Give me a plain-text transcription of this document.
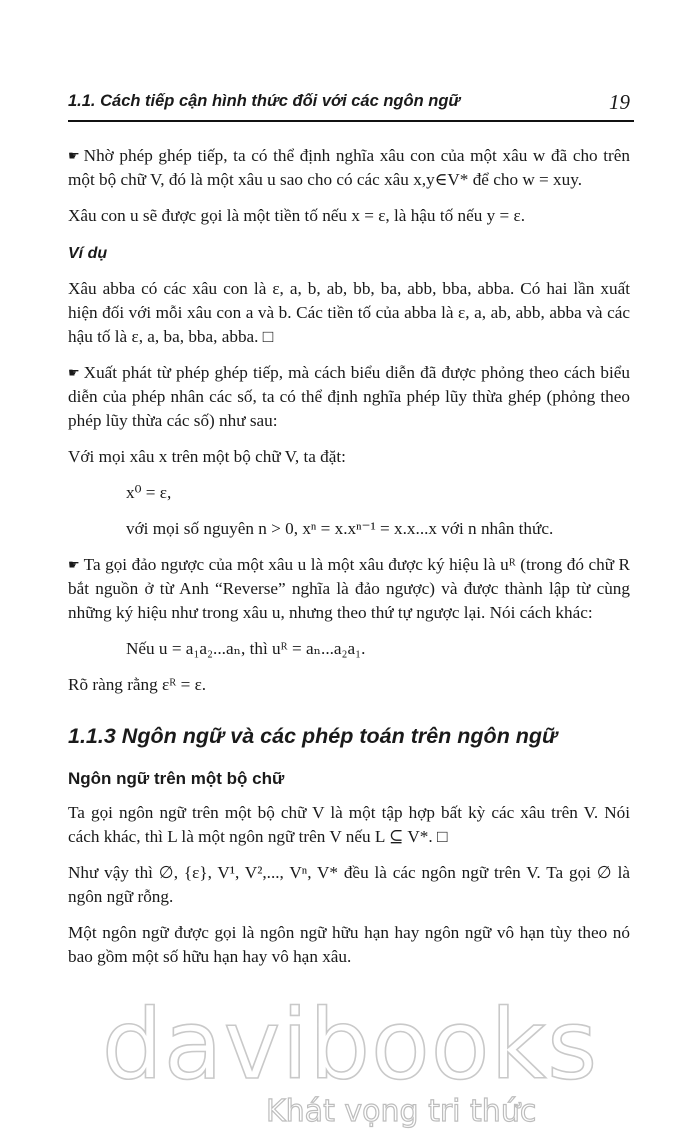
1.1. Cách tiếp cận hình thức đối với các ngôn ngữ	19

☛ Nhờ phép ghép tiếp, ta có thể định nghĩa xâu con của một xâu w đã cho trên một bộ chữ V, đó là một xâu u sao cho có các xâu x,y∈V* để cho w = xuy.

Xâu con u sẽ được gọi là một tiền tố nếu x = ε, là hậu tố nếu y = ε.

Ví dụ

Xâu abba có các xâu con là ε, a, b, ab, bb, ba, abb, bba, abba. Có hai lần xuất hiện đối với mỗi xâu con a và b. Các tiền tố của abba là ε, a, ab, abb, abba và các hậu tố là ε, a, ba, bba, abba. □

☛ Xuất phát từ phép ghép tiếp, mà cách biểu diễn đã được phỏng theo cách biểu diễn của phép nhân các số, ta có thể định nghĩa phép lũy thừa ghép (phỏng theo phép lũy thừa các số) như sau:

Với mọi xâu x trên một bộ chữ V, ta đặt:

x⁰ = ε,

với mọi số nguyên n > 0, xⁿ = x.xⁿ⁻¹ = x.x...x với n nhân thức.

☛ Ta gọi đảo ngược của một xâu u là một xâu được ký hiệu là uᴿ (trong đó chữ R bắt nguồn ở từ Anh “Reverse” nghĩa là đảo ngược) và được thành lập từ cùng những ký hiệu như trong xâu u, nhưng theo thứ tự ngược lại. Nói cách khác:

Nếu u = a₁a₂...aₙ, thì uᴿ = aₙ...a₂a₁.

Rõ ràng rằng εᴿ = ε.

1.1.3 Ngôn ngữ và các phép toán trên ngôn ngữ
Ngôn ngữ trên một bộ chữ

Ta gọi ngôn ngữ trên một bộ chữ V là một tập hợp bất kỳ các xâu trên V. Nói cách khác, thì L là một ngôn ngữ trên V nếu L ⊆ V*. □

Như vậy thì ∅, {ε}, V¹, V²,..., Vⁿ, V* đều là các ngôn ngữ trên V. Ta gọi ∅ là ngôn ngữ rỗng.

Một ngôn ngữ được gọi là ngôn ngữ hữu hạn hay ngôn ngữ vô hạn tùy theo nó bao gồm một số hữu hạn hay vô hạn xâu.

davibooks
Khát vọng tri thức
